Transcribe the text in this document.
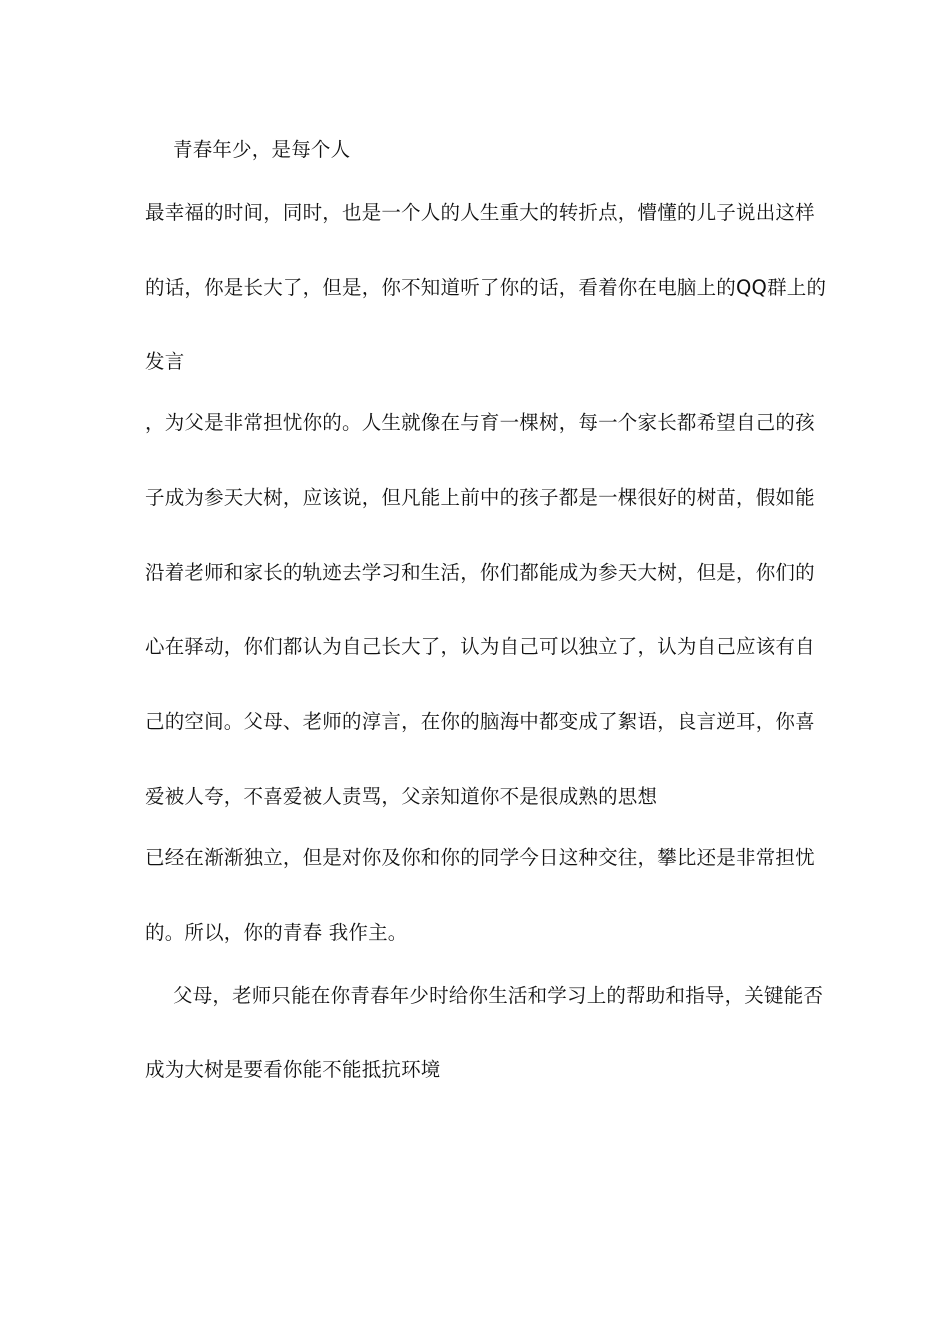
青春年少，是每个人
最幸福的时间，同时，也是一个人的人生重大的转折点，懵懂的儿子说出这样
的话，你是长大了，但是，你不知道听了你的话，看着你在电脑上的QQ群上的
发言
，为父是非常担忧你的。人生就像在与育一棵树，每一个家长都希望自己的孩
子成为参天大树，应该说，但凡能上前中的孩子都是一棵很好的树苗，假如能
沿着老师和家长的轨迹去学习和生活，你们都能成为参天大树，但是，你们的
心在驿动，你们都认为自己长大了，认为自己可以独立了，认为自己应该有自
己的空间。父母、老师的淳言，在你的脑海中都变成了絮语，良言逆耳，你喜
爱被人夸，不喜爱被人责骂，父亲知道你不是很成熟的思想
已经在渐渐独立，但是对你及你和你的同学今日这种交往，攀比还是非常担忧
的。所以，你的青春 我作主。
父母，老师只能在你青春年少时给你生活和学习上的帮助和指导，关键能否
成为大树是要看你能不能抵抗环境
